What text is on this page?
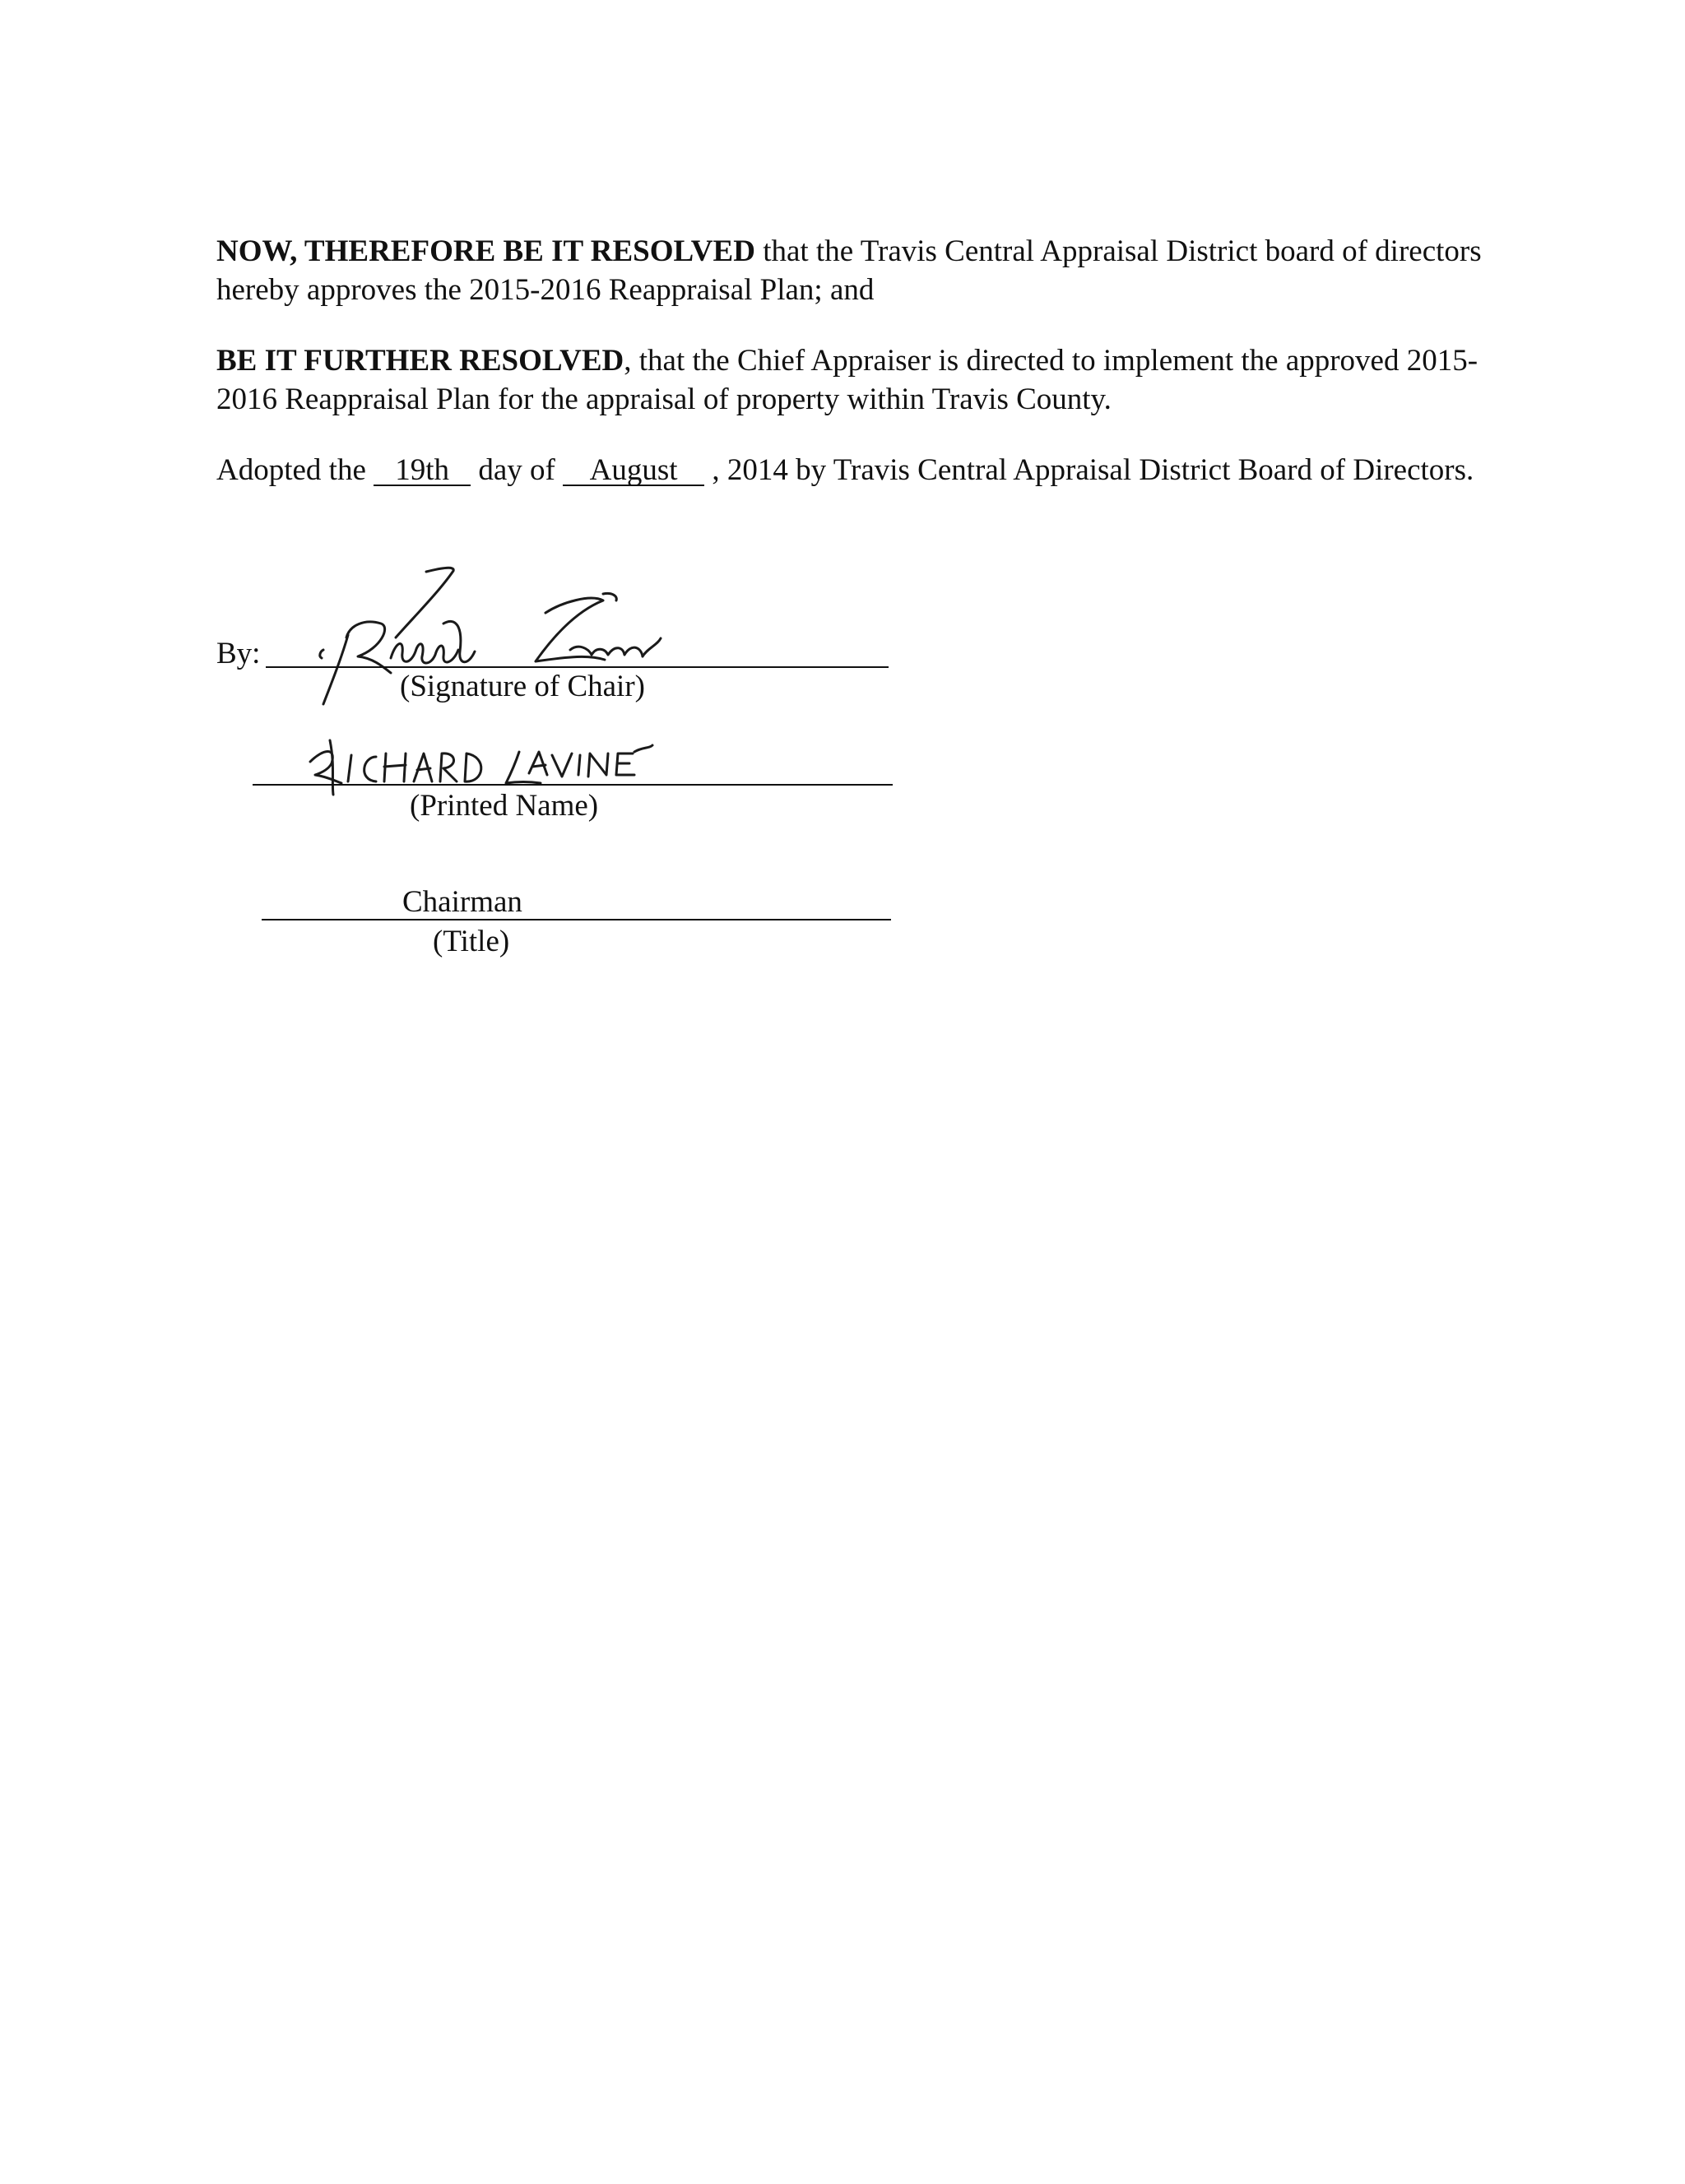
NOW, THEREFORE BE IT RESOLVED that the Travis Central Appraisal District board of directors hereby approves the 2015-2016 Reappraisal Plan; and

BE IT FURTHER RESOLVED, that the Chief Appraiser is directed to implement the approved 2015-2016 Reappraisal Plan for the appraisal of property within Travis County.

Adopted the 19th day of August , 2014 by Travis Central Appraisal District Board of Directors.

By:
(Signature of Chair)
(Printed Name)
Chairman
(Title)
